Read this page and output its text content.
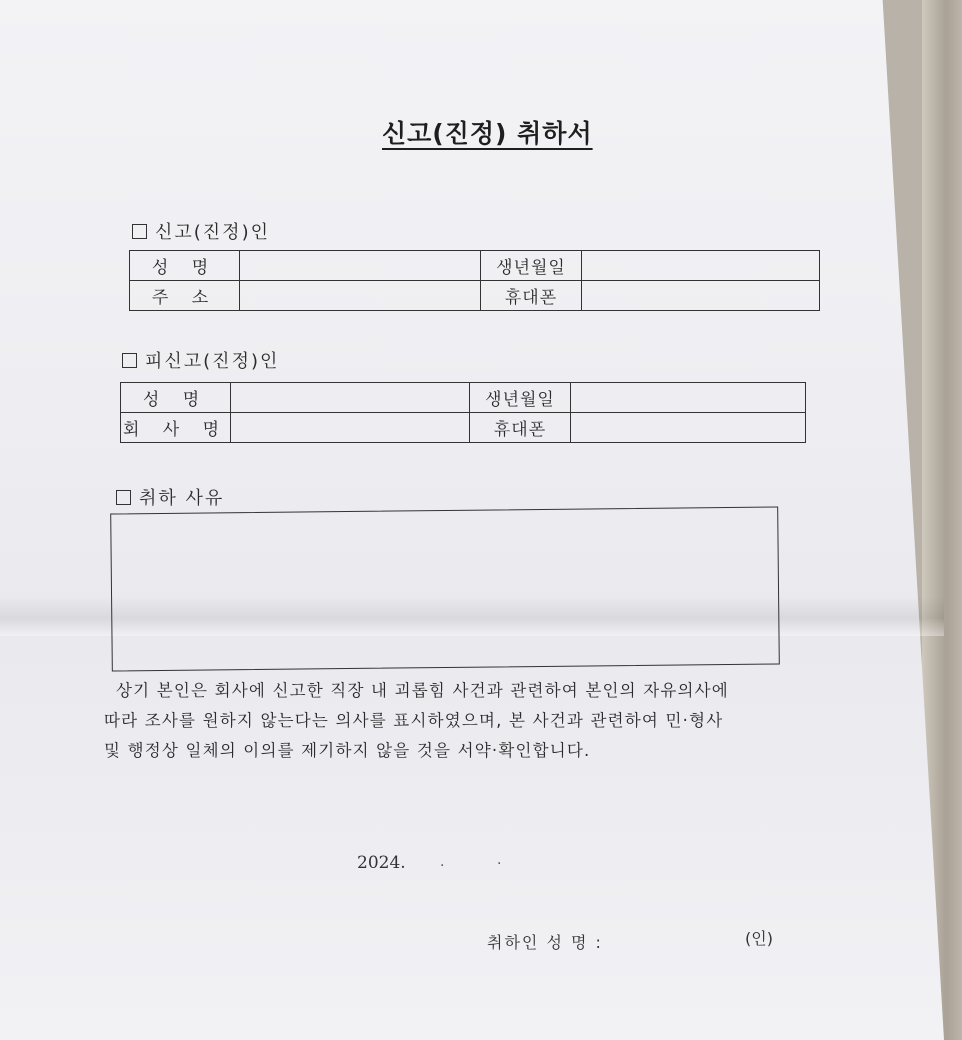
신고(진정) 취하서
신고(진정)인
성 명		생년월일	
주 소		휴대폰	
피신고(진정)인
성 명		생년월일	
회 사 명		휴대폰	
취하 사유
상기 본인은 회사에 신고한 직장 내 괴롭힘 사건과 관련하여 본인의 자유의사에
따라 조사를 원하지 않는다는 의사를 표시하였으며, 본 사건과 관련하여 민·형사
및 행정상 일체의 이의를 제기하지 않을 것을 서약·확인합니다.
2024. .	.
취하인 성 명 :	(인)
